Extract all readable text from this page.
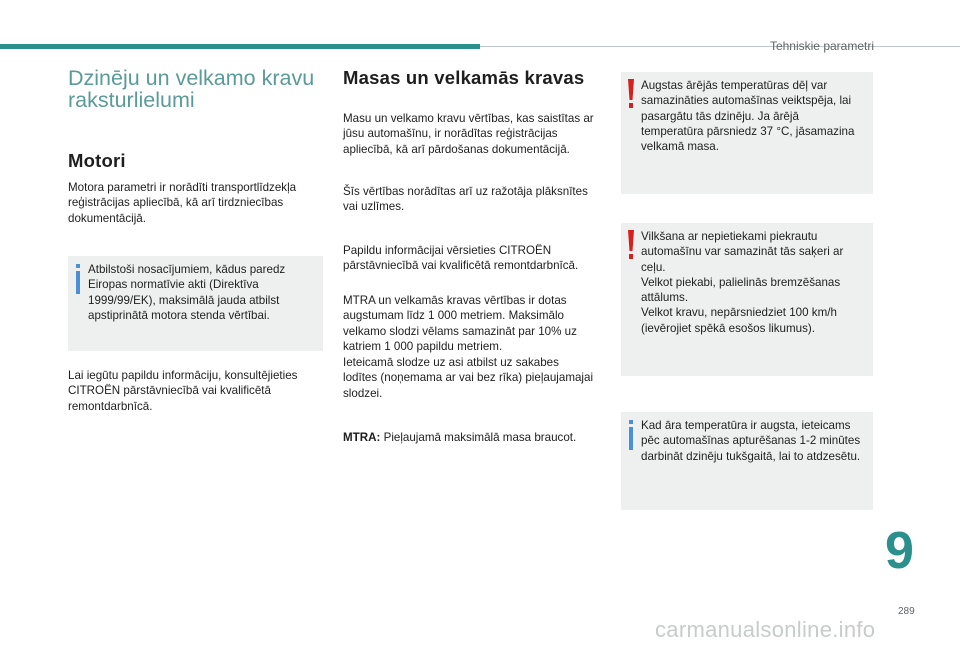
Tehniskie parametri
Dzinēju un velkamo kravu raksturlielumi
Motori
Motora parametri ir norādīti transportlīdzekļa reģistrācijas apliecībā, kā arī tirdzniecības dokumentācijā.
Atbilstoši nosacījumiem, kādus paredz Eiropas normatīvie akti (Direktīva 1999/99/EK), maksimālā jauda atbilst apstiprinātā motora stenda vērtībai.
Lai iegūtu papildu informāciju, konsultējieties CITROËN pārstāvniecībā vai kvalificētā remontdarbnīcā.
Masas un velkamās kravas
Masu un velkamo kravu vērtības, kas saistītas ar jūsu automašīnu, ir norādītas reģistrācijas apliecībā, kā arī pārdošanas dokumentācijā.
Šīs vērtības norādītas arī uz ražotāja plāksnītes vai uzlīmes.
Papildu informācijai vērsieties CITROËN pārstāvniecībā vai kvalificētā remontdarbnīcā.
MTRA un velkamās kravas vērtības ir dotas augstumam līdz 1 000 metriem. Maksimālo velkamo slodzi vēlams samazināt par 10% uz katriem 1 000 papildu metriem.
Ieteicamā slodze uz asi atbilst uz sakabes lodītes (noņemama ar vai bez rīka) pieļaujamajai slodzei.
MTRA: Pieļaujamā maksimālā masa braucot.
Augstas ārējās temperatūras dēļ var samazināties automašīnas veiktspēja, lai pasargātu tās dzinēju. Ja ārējā temperatūra pārsniedz 37 °C, jāsamazina velkamā masa.
Vilkšana ar nepietiekami piekrautu automašīnu var samazināt tās saķeri ar ceļu.
Velkot piekabi, palielinās bremzēšanas attālums.
Velkot kravu, nepārsniedziet 100 km/h (ievērojiet spēkā esošos likumus).
Kad āra temperatūra ir augsta, ieteicams pēc automašīnas apturēšanas 1-2 minūtes darbināt dzinēju tukšgaitā, lai to atdzesētu.
9
289
carmanualsonline.info
